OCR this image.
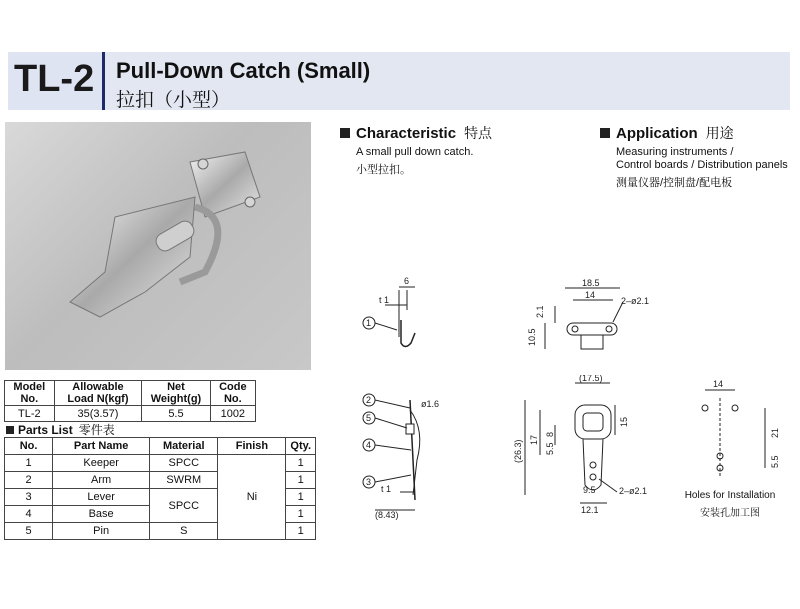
TL-2 Pull-Down Catch (Small)
拉扣（小型）
Model No.	Allowable Load N(kgf)	Net Weight(g)	Code No.
TL-2	35(3.57)	5.5	1002
Parts List 零件表
No.	Part Name	Material	Finish	Qty.
1	Keeper	SPCC	Ni	1
2	Arm	SWRM		1
3	Lever	SPCC		1
4	Base			1
5	Pin	S		1
Characteristic 特点
A small pull down catch.
小型拉扣。
Application 用途
Measuring instruments /
Control boards / Distribution panels
测量仪器/控制盘/配电板
6
t 1
1
18.5
14
2–ø2.1
2.1
10.5
2
5
4
3
ø1.6
t 1
(8.43)
(17.5)
15
8
17
5.5
(26.3)
9.5	2–ø2.1
12.1
14
21
5.5
Holes for Installation
安装孔加工图
